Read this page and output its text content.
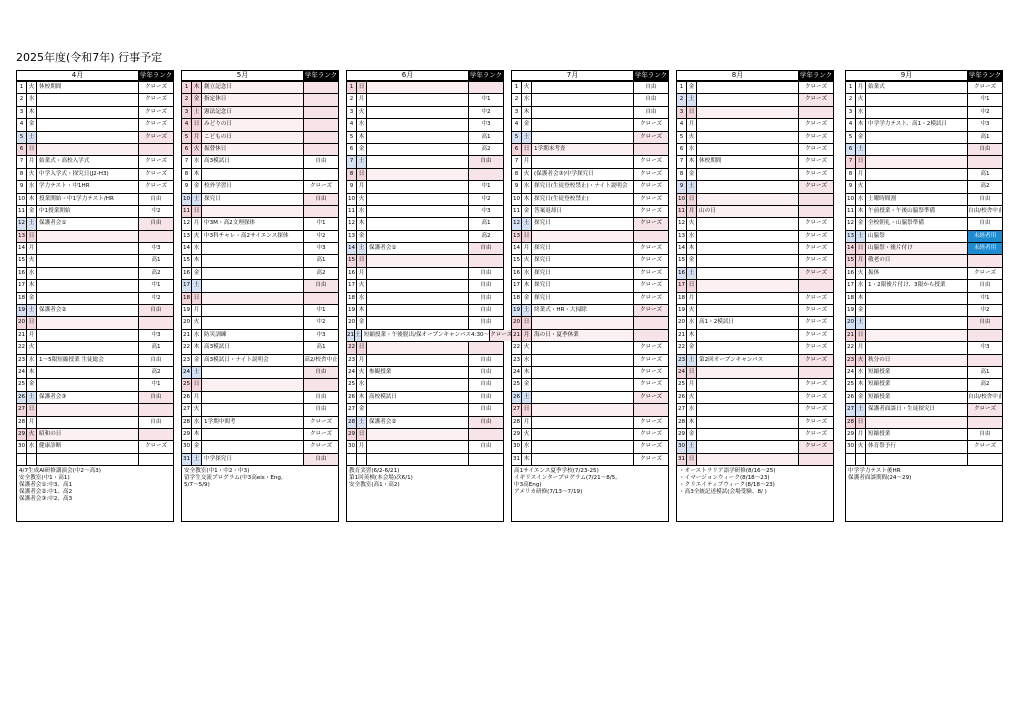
2025年度(令和7年) 行事予定
4月	学年ランク
1 火 休校期間	クローズ
2 水	クローズ
3 木	クローズ
4 金	クローズ
5 土	クローズ
6 日
7 月 始業式・高校入学式	クローズ
8 火 中学入学式・探究日(J2-H3)	クローズ
9 水 学力テスト・中1HR	クローズ
10 木 授業開始・中1学力テスト/HR	自由
11 金 中1授業開始	中2
12 土 保護者会①	自由
13 日
14 月	中3
15 火	高1
16 水	高2
17 木	中1
18 金	中2
19 土 保護者会②	自由
20 日
21 月	中3
22 火	高1
23 水 1～5限短縮授業 生徒総会	自由
24 木	高2
25 金	中1
26 土 保護者会③	自由
27 日
28 月	自由
29 火 昭和の日
30 水 健康診断	クローズ
4/7生成AI研修講演会(中2～高3)
安全教室(中1・高1)
保護者会①:中3、高1
保護者会②:中1、高2
保護者会③:中2、高3
5月	学年ランク
1 木 創立記念日
2 金 指定休日
3 土 憲法記念日
4 日 みどりの日
5 月 こどもの日
6 火 振替休日
7 水 高3模試日	自由
8 木
9 金 校外学習日	クローズ
10 土 探究日	自由
11 日
12 月 中3M・高2文理探体	中1
13 火 中3科チャレ・高2サイエンス探体	中2
14 水	中3
15 木	高1
16 金	高2
17 土	自由
18 日
19 月	中1
20 火	中2
21 水 防災訓練	中3
22 木 高3模試日	高1
23 金 高3模試日・ナイト説明会	高2/校舎中止
24 土	自由
25 日
26 月	自由
27 火	自由
28 水 1学期中間考	クローズ
29 木	クローズ
30 金	クローズ
31 土 中学探究日	自由
安全教室(中1・中2・中3)
留学生交流プログラム(中3高eis・Eng,
5/7～5/9)
6月	学年ランク
1 日
2 月	中1
3 火	中2
4 水	中3
5 木	高1
6 金	高2
7 土	自由
8 日
9 月	中1
10 火	中2
11 水	中3
12 木	高1
13 金	高2
14 土 保護者会①	自由
15 日
16 月	自由
17 火	自由
18 水	自由
19 木	自由
20 金	自由
21 土 短縮授業・午後脱出/保オープンキャンパス4:30～ クローズ
22 日
23 月	自由
24 火 参観授業	自由
25 水	自由
26 木 高校模試日	自由
27 金	自由
28 土 保護者会②	自由
29 日
30 月	自由
教育実習(6/2-6/21)
第1回英検(本会場)次6/1)
安全教室(高1・高2)
7月	学年ランク
1 火	自由
2 水	自由
3 木	自由
4 金	クローズ
5 土	クローズ
6 日 1学期末考査
7 月	クローズ
8 火 (保護者会③)中学探究日	クローズ
9 水 探究日(生徒登校禁止)・ナイト説明会	クローズ
10 木 探究日(生徒登校禁止)	クローズ
11 金 答案返却日	クローズ
12 土 探究日	クローズ
13 日
14 月 探究日	クローズ
15 火 探究日	クローズ
16 水 探究日	クローズ
17 木 探究日	クローズ
18 金 探究日	クローズ
19 土 終業式・HR・大掃除	クローズ
20 日
21 月 海の日・夏季休業
22 火	クローズ
23 水	クローズ
24 木	クローズ
25 金	クローズ
26 土	クローズ
27 日
28 月	クローズ
29 火	クローズ
30 水	クローズ
31 木	クローズ
高1サイエンス夏季学校(7/23-25)
イギリスインタープログラム(7/21～8/5,
中3高Eng)
アメリカ研修(7/13～7/19)
8月	学年ランク
1 金	クローズ
2 土	クローズ
3 日
4 月	クローズ
5 火	クローズ
6 水	クローズ
7 木 休校期間	クローズ
8 金	クローズ
9 土	クローズ
10 日
11 月 山の日
12 火	クローズ
13 水	クローズ
14 木	クローズ
15 金	クローズ
16 土	クローズ
17 日
18 月	クローズ
19 火	クローズ
20 水 高1・2模試日	クローズ
21 木	クローズ
22 金	クローズ
23 土 第2回オープンキャンパス	クローズ
24 日
25 月	クローズ
26 火	クローズ
27 水	クローズ
28 木	クローズ
29 金	クローズ
30 土	クローズ
31 日
・オーストラリア語学研修(8/16～25)
・イマージョンウィーク(8/18～23)
・クリエイティブウィーク(8/18～23)
・高3全統記述模試(会場受験、8/ )
9月	学年ランク
1 月 始業式	クローズ
2 火	中1
3 水	中2
4 木 中学学力テスト、高1・2模試日	中3
5 金	高1
6 土	自由
7 日
8 月	高1
9 火	高2
10 水 土曜時間割	自由
11 木 午前授業・午後山脇祭準備	自由/校舎中止
12 金 全校朝礼・山脇祭準備	自由
13 土 山脇祭	未経者用
14 日 山脇祭・後片付け	未経者用
15 月 敬老の日
16 火 振休	クローズ
17 水 1・2限後片付け、3限から授業	自由
18 木	中1
19 金	中2
20 土	自由
21 日
22 月	中3
23 火 秋分の日
24 水 短縮授業	高1
25 木 短縮授業	高2
26 金 短縮授業	自由/校舎中止
27 土 保護者面談日・生徒探究日	クローズ
28 日
29 月 短縮授業	自由
30 火 体育祭予行	クローズ
中学学力テスト後HR
保護者面談期間(24～29)
